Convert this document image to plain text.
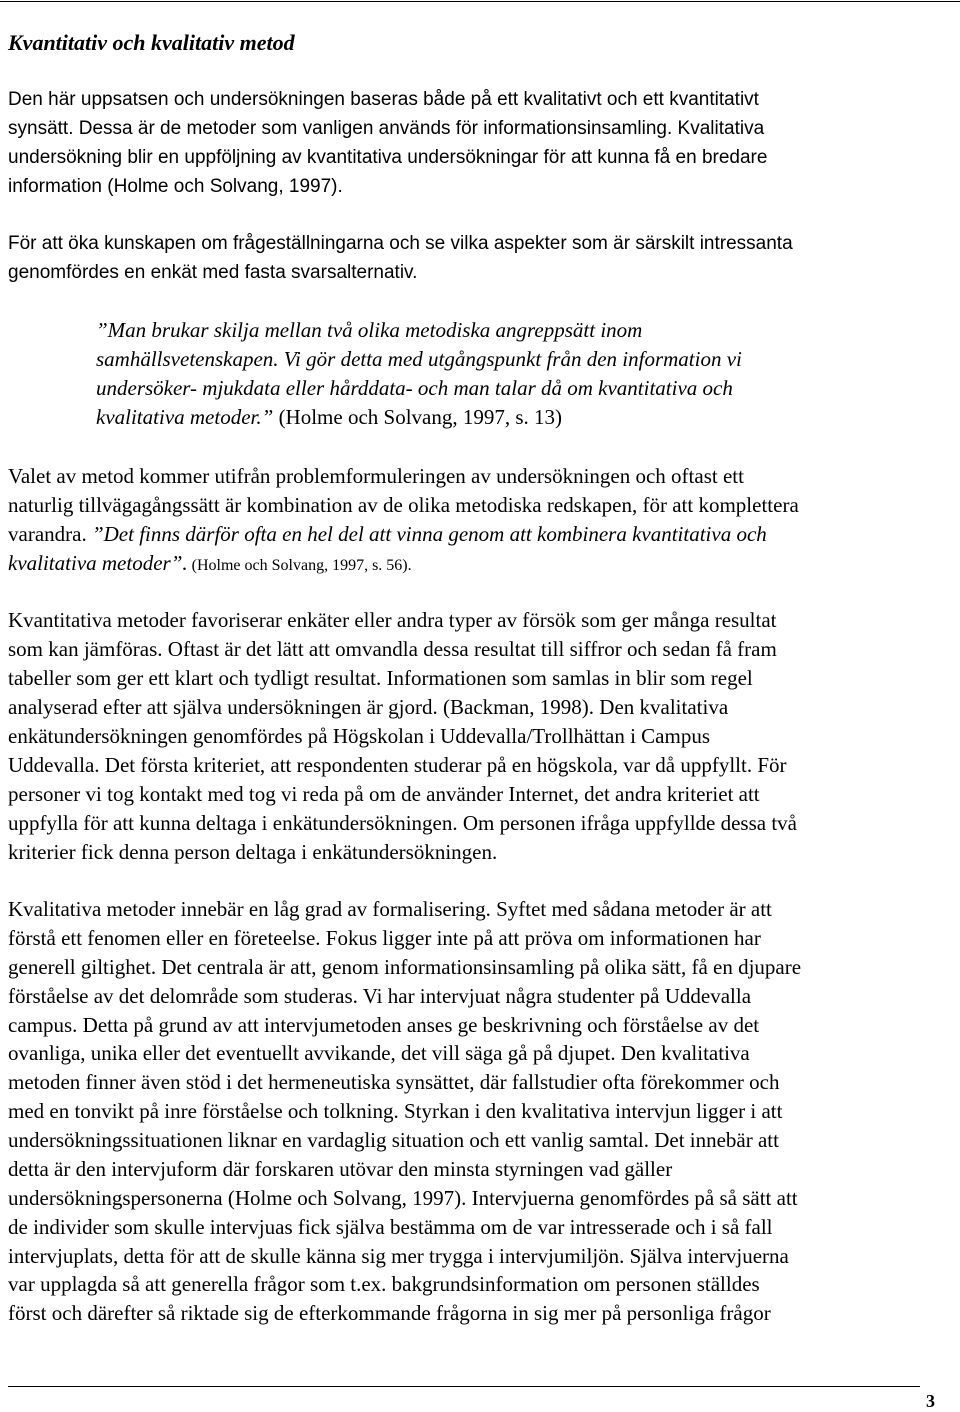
Kvantitativ och kvalitativ metod
Den här uppsatsen och undersökningen baseras både på ett kvalitativt och ett kvantitativt
synsätt. Dessa är de metoder som vanligen används för informationsinsamling. Kvalitativa
undersökning blir en uppföljning av kvantitativa undersökningar för att kunna få en bredare
information (Holme och Solvang, 1997).
För att öka kunskapen om frågeställningarna och se vilka aspekter som är särskilt intressanta
genomfördes en enkät med fasta svarsalternativ.
”Man brukar skilja mellan två olika metodiska angreppsätt inom
samhällsvetenskapen. Vi gör detta med utgångspunkt från den information vi
undersöker- mjukdata eller hårddata- och man talar då om kvantitativa och
kvalitativa metoder.” (Holme och Solvang, 1997, s. 13)
Valet av metod kommer utifrån problemformuleringen av undersökningen och oftast ett
naturlig tillvägagångssätt är kombination av de olika metodiska redskapen, för att komplettera
varandra. ”Det finns därför ofta en hel del att vinna genom att kombinera kvantitativa och
kvalitativa metoder”. (Holme och Solvang, 1997, s. 56).
Kvantitativa metoder favoriserar enkäter eller andra typer av försök som ger många resultat
som kan jämföras. Oftast är det lätt att omvandla dessa resultat till siffror och sedan få fram
tabeller som ger ett klart och tydligt resultat. Informationen som samlas in blir som regel
analyserad efter att själva undersökningen är gjord. (Backman, 1998). Den kvalitativa
enkätundersökningen genomfördes på Högskolan i Uddevalla/Trollhättan i Campus
Uddevalla. Det första kriteriet, att respondenten studerar på en högskola, var då uppfyllt. För
personer vi tog kontakt med tog vi reda på om de använder Internet, det andra kriteriet att
uppfylla för att kunna deltaga i enkätundersökningen. Om personen ifråga uppfyllde dessa två
kriterier fick denna person deltaga i enkätundersökningen.
Kvalitativa metoder innebär en låg grad av formalisering. Syftet med sådana metoder är att
förstå ett fenomen eller en företeelse. Fokus ligger inte på att pröva om informationen har
generell giltighet. Det centrala är att, genom informationsinsamling på olika sätt, få en djupare
förståelse av det delområde som studeras. Vi har intervjuat några studenter på Uddevalla
campus. Detta på grund av att intervjumetoden anses ge beskrivning och förståelse av det
ovanliga, unika eller det eventuellt avvikande, det vill säga gå på djupet. Den kvalitativa
metoden finner även stöd i det hermeneutiska synsättet, där fallstudier ofta förekommer och
med en tonvikt på inre förståelse och tolkning. Styrkan i den kvalitativa intervjun ligger i att
undersökningssituationen liknar en vardaglig situation och ett vanlig samtal. Det innebär att
detta är den intervjuform där forskaren utövar den minsta styrningen vad gäller
undersökningspersonerna (Holme och Solvang, 1997). Intervjuerna genomfördes på så sätt att
de individer som skulle intervjuas fick själva bestämma om de var intresserade och i så fall
intervjuplats, detta för att de skulle känna sig mer trygga i intervjumiljön. Själva intervjuerna
var upplagda så att generella frågor som t.ex. bakgrundsinformation om personen ställdes
först och därefter så riktade sig de efterkommande frågorna in sig mer på personliga frågor
3
